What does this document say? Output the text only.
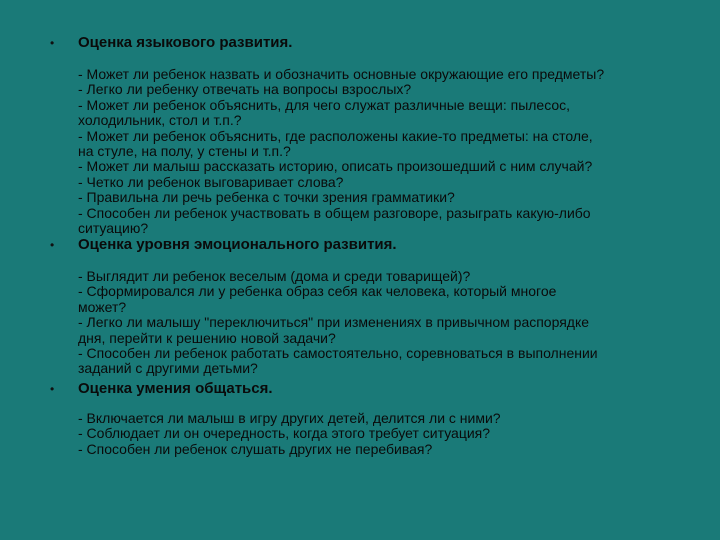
• Оценка языкового развития.

- Может ли ребенок назвать и обозначить основные окружающие его предметы?
- Легко ли ребенку отвечать на вопросы взрослых?
- Может ли ребенок объяснить, для чего служат различные вещи: пылесос,
холодильник, стол и т.п.?
- Может ли ребенок объяснить, где расположены какие-то предметы: на столе,
на стуле, на полу, у стены и т.п.?
- Может ли малыш рассказать историю, описать произошедший с ним случай?
- Четко ли ребенок выговаривает слова?
- Правильна ли речь ребенка с точки зрения грамматики?
- Способен ли ребенок участвовать в общем разговоре, разыграть какую-либо
ситуацию?

• Оценка уровня эмоционального развития.

- Выглядит ли ребенок веселым (дома и среди товарищей)?
- Сформировался ли у ребенка образ себя как человека, который многое
может?
- Легко ли малышу "переключиться" при изменениях в привычном распорядке
дня, перейти к решению новой задачи?
- Способен ли ребенок работать самостоятельно, соревноваться в выполнении
заданий с другими детьми?

• Оценка умения общаться.

- Включается ли малыш в игру других детей, делится ли с ними?
- Соблюдает ли он очередность, когда этого требует ситуация?
- Способен ли ребенок слушать других не перебивая?
